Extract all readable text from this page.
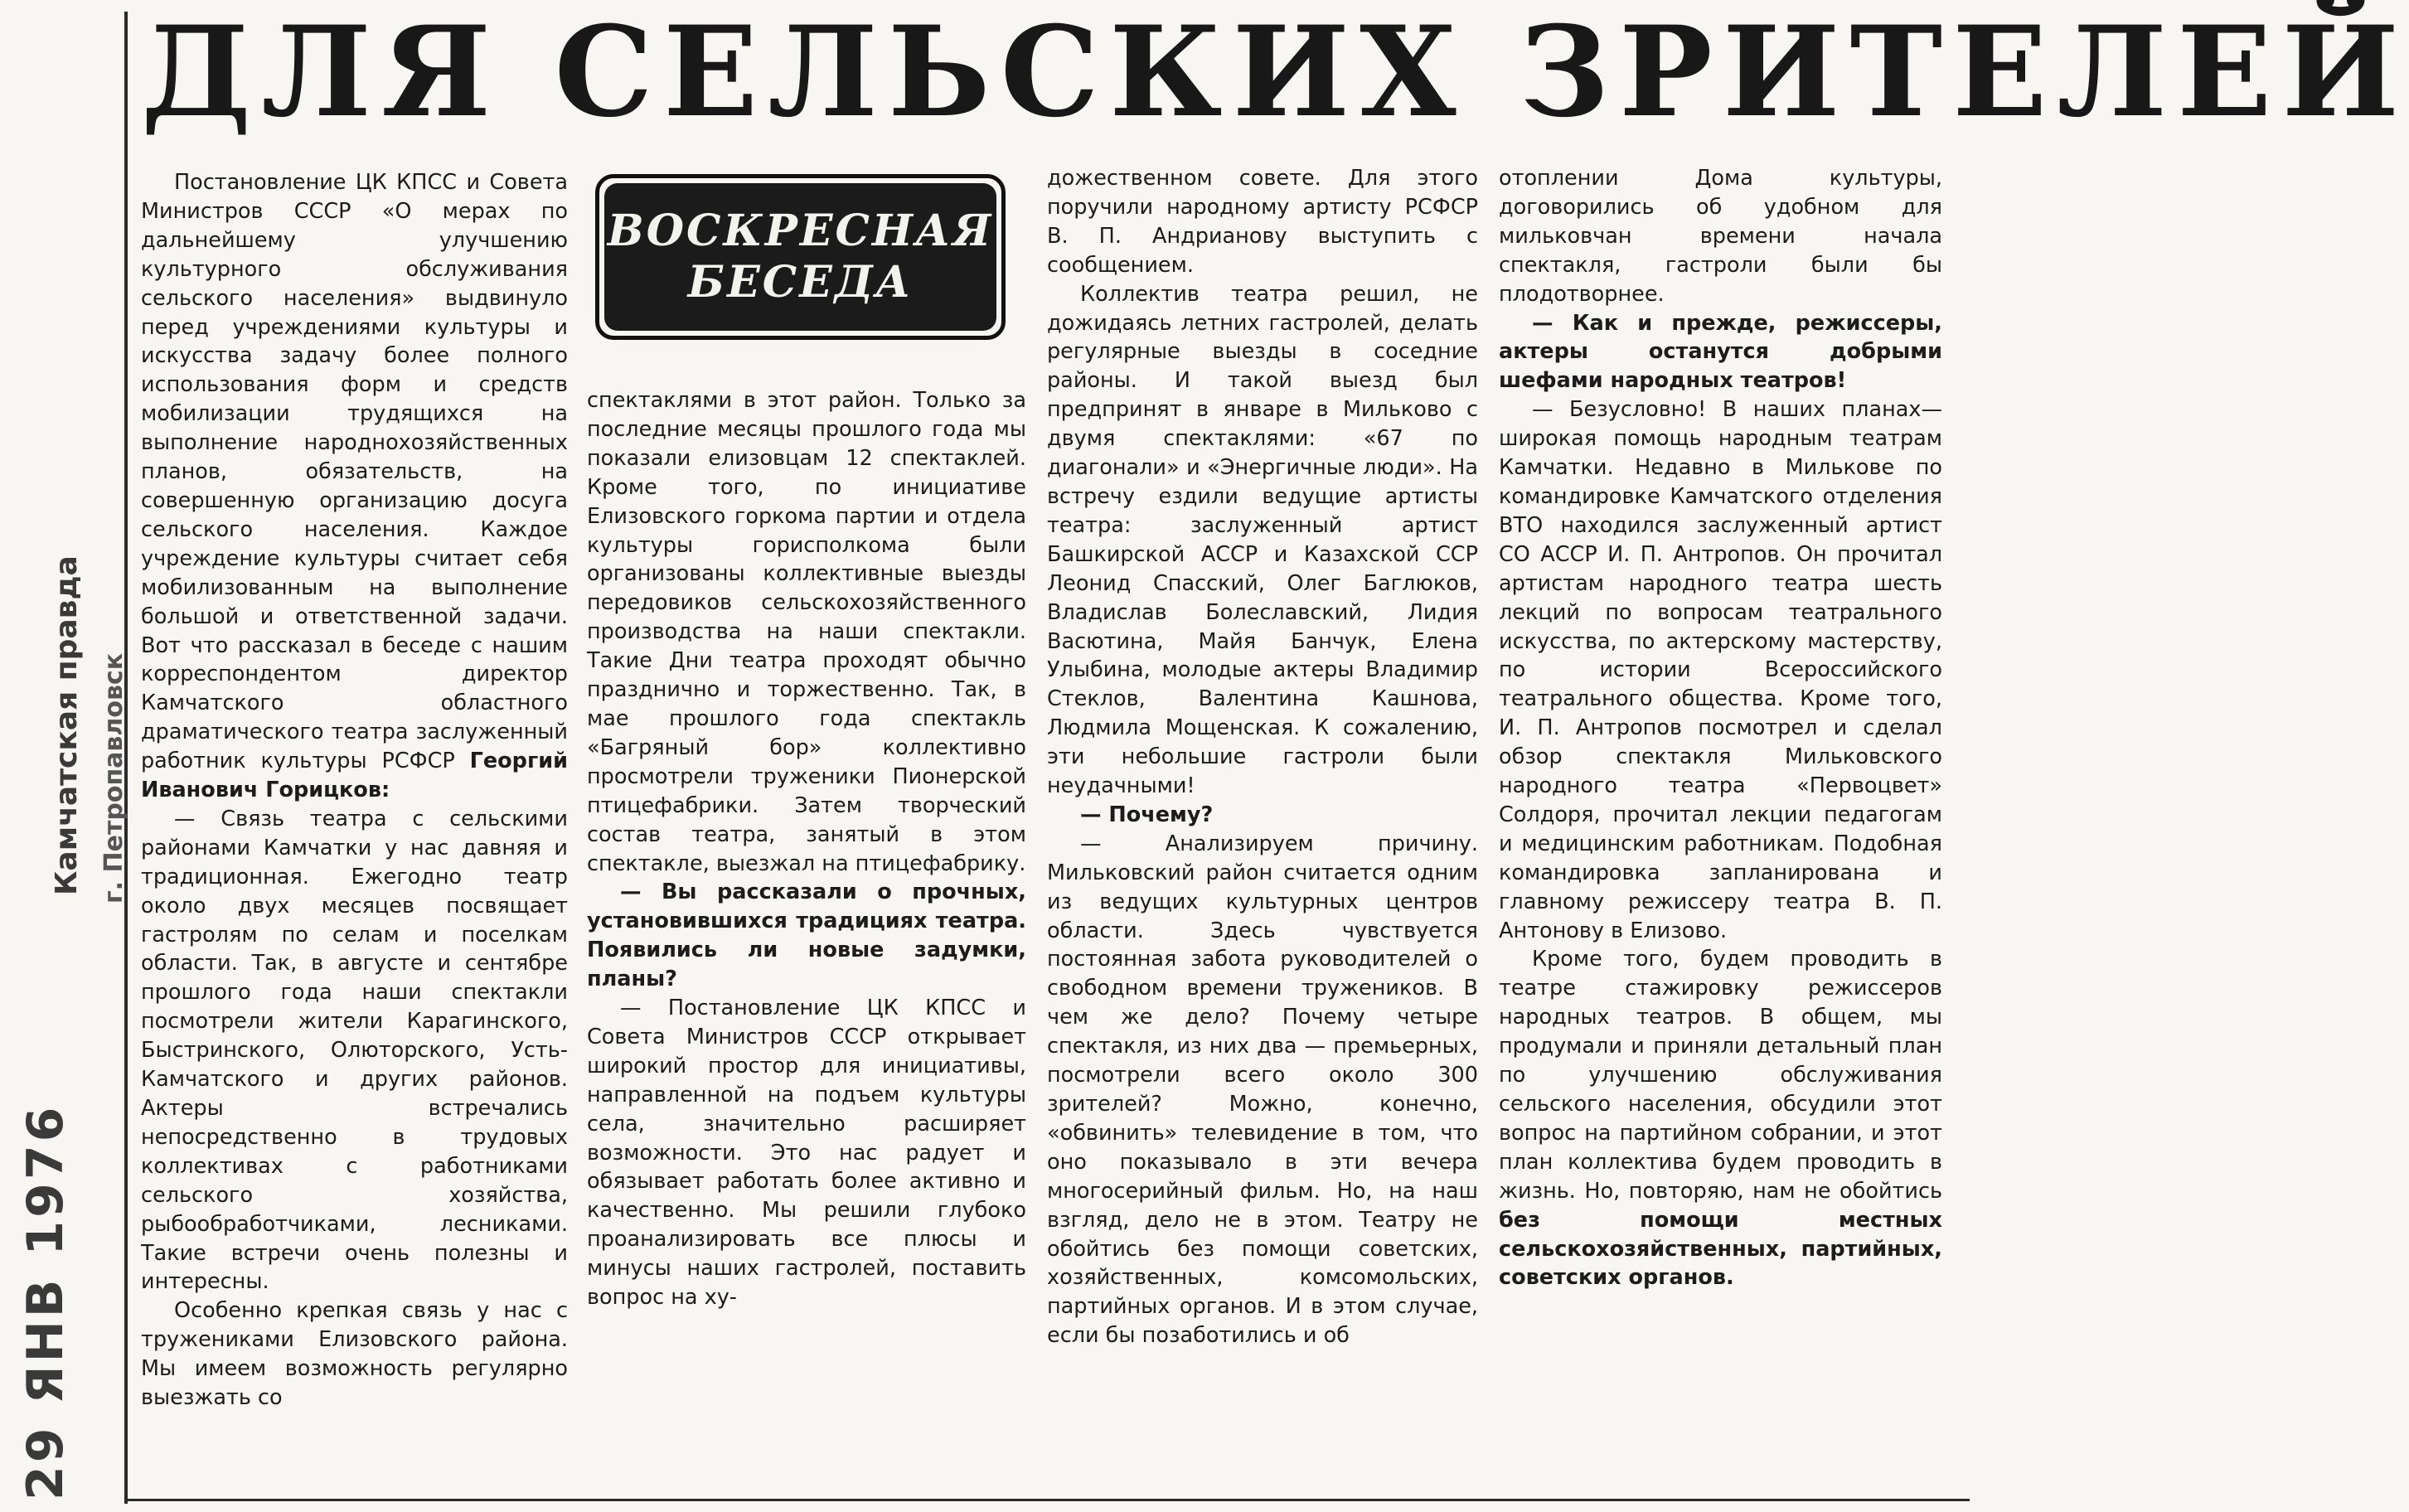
Камчатская правда г. Петропавловск
29 ЯНВ 1976
ДЛЯ СЕЛЬСКИХ ЗРИТЕЛЕЙ
ВОСКРЕСНАЯ
БЕСЕДА

Постановление ЦК КПСС и Совета Министров СССР «О мерах по дальнейшему улучшению культурного обслуживания сельского населения» выдвинуло перед учреждениями культуры и искусства задачу более полного использования форм и средств мобилизации трудящихся на выполнение народнохозяйственных планов, обязательств, на совершенную организацию досуга сельского населения. Каждое учреждение культуры считает себя мобилизованным на выполнение большой и ответственной задачи. Вот что рассказал в беседе с нашим корреспондентом директор Камчатского областного драматического театра заслуженный работник культуры РСФСР Георгий Иванович Горицков:

— Связь театра с сельскими районами Камчатки у нас давняя и традиционная. Ежегодно театр около двух месяцев посвящает гастролям по селам и поселкам области. Так, в августе и сентябре прошлого года наши спектакли посмотрели жители Карагинского, Быстринского, Олюторского, Усть-Камчатского и других районов. Актеры встречались непосредственно в трудовых коллективах с работниками сельского хозяйства, рыбообработчиками, лесниками. Такие встречи очень полезны и интересны.

Особенно крепкая связь у нас с тружениками Елизовского района. Мы имеем возможность регулярно выезжать со

спектаклями в этот район. Только за последние месяцы прошлого года мы показали елизовцам 12 спектаклей. Кроме того, по инициативе Елизовского горкома партии и отдела культуры горисполкома были организованы коллективные выезды передовиков сельскохозяйственного производства на наши спектакли. Такие Дни театра проходят обычно празднично и торжественно. Так, в мае прошлого года спектакль «Багряный бор» коллективно просмотрели труженики Пионерской птицефабрики. Затем творческий состав театра, занятый в этом спектакле, выезжал на птицефабрику.

— Вы рассказали о прочных, установившихся традициях театра. Появились ли новые задумки, планы?

— Постановление ЦК КПСС и Совета Министров СССР открывает широкий простор для инициативы, направленной на подъем культуры села, значительно расширяет возможности. Это нас радует и обязывает работать более активно и качественно. Мы решили глубоко проанализировать все плюсы и минусы наших гастролей, поставить вопрос на ху-

дожественном совете. Для этого поручили народному артисту РСФСР В. П. Андрианову выступить с сообщением.

Коллектив театра решил, не дожидаясь летних гастролей, делать регулярные выезды в соседние районы. И такой выезд был предпринят в январе в Мильково с двумя спектаклями: «67 по диагонали» и «Энергичные люди». На встречу ездили ведущие артисты театра: заслуженный артист Башкирской АССР и Казахской ССР Леонид Спасский, Олег Баглюков, Владислав Болеславский, Лидия Васютина, Майя Банчук, Елена Улыбина, молодые актеры Владимир Стеклов, Валентина Кашнова, Людмила Мощенская. К сожалению, эти небольшие гастроли были неудачными!

— Почему?

— Анализируем причину. Мильковский район считается одним из ведущих культурных центров области. Здесь чувствуется постоянная забота руководителей о свободном времени тружеников. В чем же дело? Почему четыре спектакля, из них два — премьерных, посмотрели всего около 300 зрителей? Можно, конечно, «обвинить» телевидение в том, что оно показывало в эти вечера многосерийный фильм. Но, на наш взгляд, дело не в этом. Театру не обойтись без помощи советских, хозяйственных, комсомольских, партийных органов. И в этом случае, если бы позаботились и об

отоплении Дома культуры, договорились об удобном для мильковчан времени начала спектакля, гастроли были бы плодотворнее.

— Как и прежде, режиссеры, актеры останутся добрыми шефами народных театров!

— Безусловно! В наших планах—широкая помощь народным театрам Камчатки. Недавно в Милькове по командировке Камчатского отделения ВТО находился заслуженный артист СО АССР И. П. Антропов. Он прочитал артистам народного театра шесть лекций по вопросам театрального искусства, по актерскому мастерству, по истории Всероссийского театрального общества. Кроме того, И. П. Антропов посмотрел и сделал обзор спектакля Мильковского народного театра «Первоцвет» Солдоря, прочитал лекции педагогам и медицинским работникам. Подобная командировка запланирована и главному режиссеру театра В. П. Антонову в Елизово.

Кроме того, будем проводить в театре стажировку режиссеров народных театров. В общем, мы продумали и приняли детальный план по улучшению обслуживания сельского населения, обсудили этот вопрос на партийном собрании, и этот план коллектива будем проводить в жизнь. Но, повторяю, нам не обойтись без помощи местных сельскохозяйственных, партийных, советских органов.
